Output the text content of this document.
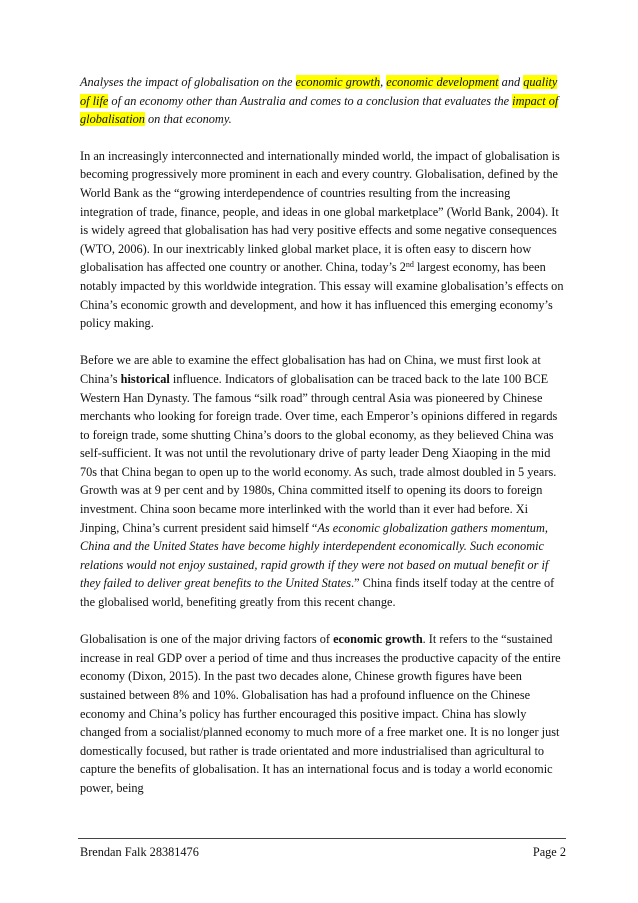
Analyses the impact of globalisation on the economic growth, economic development and quality of life of an economy other than Australia and comes to a conclusion that evaluates the impact of globalisation on that economy.

In an increasingly interconnected and internationally minded world, the impact of globalisation is becoming progressively more prominent in each and every country. Globalisation, defined by the World Bank as the “growing interdependence of countries resulting from the increasing integration of trade, finance, people, and ideas in one global marketplace” (World Bank, 2004). It is widely agreed that globalisation has had very positive effects and some negative consequences (WTO, 2006). In our inextricably linked global market place, it is often easy to discern how globalisation has affected one country or another. China, today’s 2nd largest economy, has been notably impacted by this worldwide integration. This essay will examine globalisation’s effects on China’s economic growth and development, and how it has influenced this emerging economy’s policy making.

Before we are able to examine the effect globalisation has had on China, we must first look at China’s historical influence. Indicators of globalisation can be traced back to the late 100 BCE Western Han Dynasty. The famous “silk road” through central Asia was pioneered by Chinese merchants who looking for foreign trade. Over time, each Emperor’s opinions differed in regards to foreign trade, some shutting China’s doors to the global economy, as they believed China was self-sufficient. It was not until the revolutionary drive of party leader Deng Xiaoping in the mid 70s that China began to open up to the world economy. As such, trade almost doubled in 5 years. Growth was at 9 per cent and by 1980s, China committed itself to opening its doors to foreign investment. China soon became more interlinked with the world than it ever had before. Xi Jinping, China’s current president said himself “As economic globalization gathers momentum, China and the United States have become highly interdependent economically. Such economic relations would not enjoy sustained, rapid growth if they were not based on mutual benefit or if they failed to deliver great benefits to the United States.” China finds itself today at the centre of the globalised world, benefiting greatly from this recent change.

Globalisation is one of the major driving factors of economic growth. It refers to the “sustained increase in real GDP over a period of time and thus increases the productive capacity of the entire economy (Dixon, 2015). In the past two decades alone, Chinese growth figures have been sustained between 8% and 10%. Globalisation has had a profound influence on the Chinese economy and China’s policy has further encouraged this positive impact. China has slowly changed from a socialist/planned economy to much more of a free market one. It is no longer just domestically focused, but rather is trade orientated and more industrialised than agricultural to capture the benefits of globalisation. It has an international focus and is today a world economic power, being

Brendan Falk 28381476	Page 2
